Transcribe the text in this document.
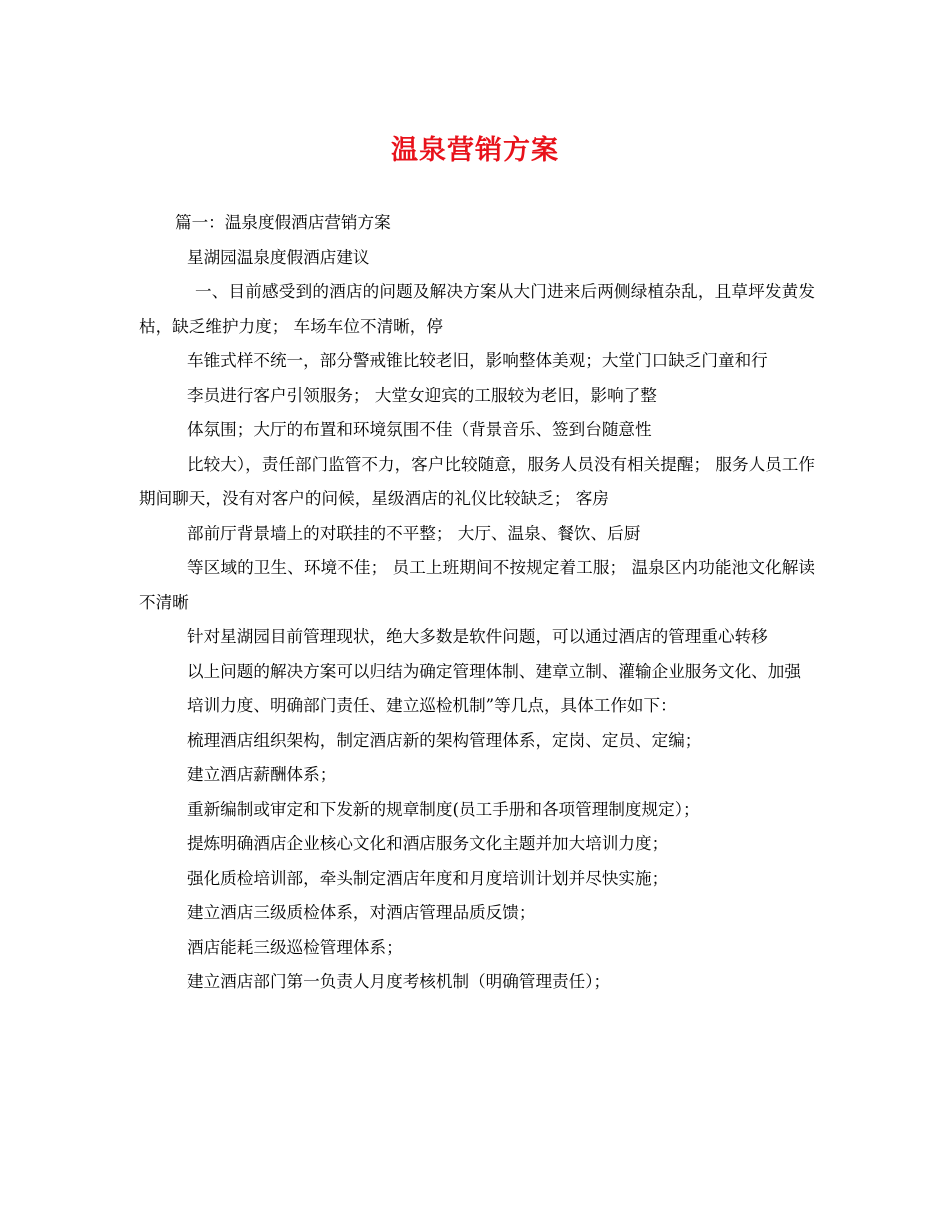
温泉营销方案

篇一：温泉度假酒店营销方案

星湖园温泉度假酒店建议

一、目前感受到的酒店的问题及解决方案从大门进来后两侧绿植杂乱，且草坪发黄发枯，缺乏维护力度； 车场车位不清晰，停

车锥式样不统一，部分警戒锥比较老旧，影响整体美观；大堂门口缺乏门童和行

李员进行客户引领服务； 大堂女迎宾的工服较为老旧，影响了整

体氛围；大厅的布置和环境氛围不佳（背景音乐、签到台随意性

比较大），责任部门监管不力，客户比较随意，服务人员没有相关提醒； 服务人员工作期间聊天，没有对客户的问候，星级酒店的礼仪比较缺乏； 客房

部前厅背景墙上的对联挂的不平整； 大厅、温泉、餐饮、后厨

等区域的卫生、环境不佳； 员工上班期间不按规定着工服； 温泉区内功能池文化解读不清晰

针对星湖园目前管理现状，绝大多数是软件问题，可以通过酒店的管理重心转移

以上问题的解决方案可以归结为确定管理体制、建章立制、灌输企业服务文化、加强

培训力度、明确部门责任、建立巡检机制”等几点，具体工作如下：

梳理酒店组织架构，制定酒店新的架构管理体系，定岗、定员、定编；

建立酒店薪酬体系；

重新编制或审定和下发新的规章制度(员工手册和各项管理制度规定）；

提炼明确酒店企业核心文化和酒店服务文化主题并加大培训力度；

强化质检培训部，牵头制定酒店年度和月度培训计划并尽快实施；

建立酒店三级质检体系，对酒店管理品质反馈；

酒店能耗三级巡检管理体系；

建立酒店部门第一负责人月度考核机制（明确管理责任）；
